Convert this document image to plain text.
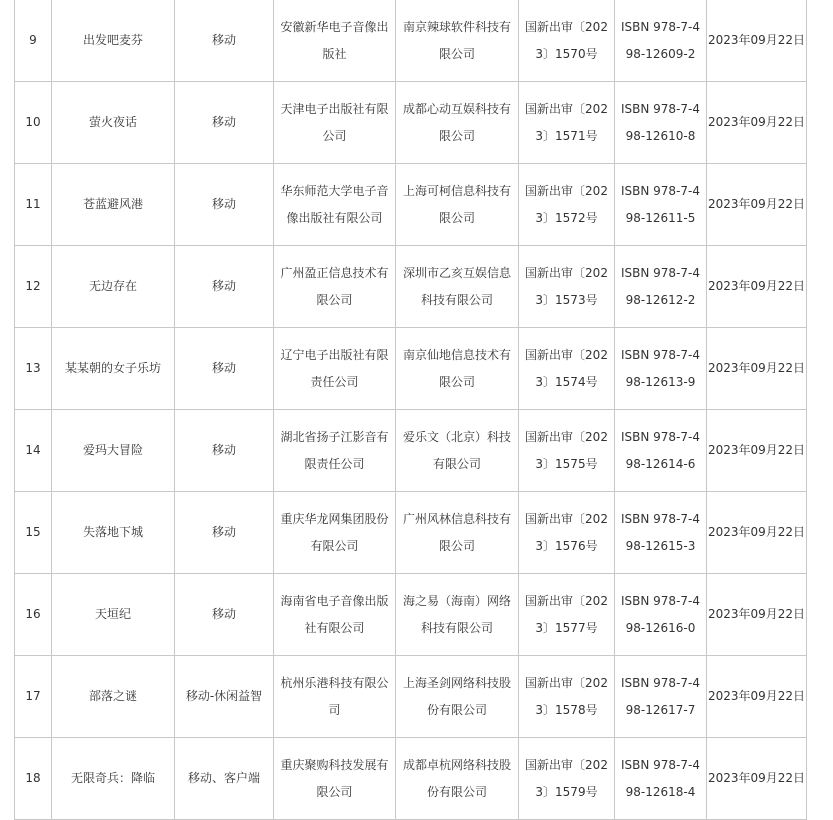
9	出发吧麦芬	移动	安徽新华电子音像出版社	南京辣球软件科技有限公司	国新出审〔2023〕1570号	ISBN 978-7-498-12609-2	2023年09月22日
10	萤火夜话	移动	天津电子出版社有限公司	成都心动互娱科技有限公司	国新出审〔2023〕1571号	ISBN 978-7-498-12610-8	2023年09月22日
11	苍蓝避风港	移动	华东师范大学电子音像出版社有限公司	上海可柯信息科技有限公司	国新出审〔2023〕1572号	ISBN 978-7-498-12611-5	2023年09月22日
12	无边存在	移动	广州盈正信息技术有限公司	深圳市乙亥互娱信息科技有限公司	国新出审〔2023〕1573号	ISBN 978-7-498-12612-2	2023年09月22日
13	某某朝的女子乐坊	移动	辽宁电子出版社有限责任公司	南京仙地信息技术有限公司	国新出审〔2023〕1574号	ISBN 978-7-498-12613-9	2023年09月22日
14	爱玛大冒险	移动	湖北省扬子江影音有限责任公司	爱乐文（北京）科技有限公司	国新出审〔2023〕1575号	ISBN 978-7-498-12614-6	2023年09月22日
15	失落地下城	移动	重庆华龙网集团股份有限公司	广州风林信息科技有限公司	国新出审〔2023〕1576号	ISBN 978-7-498-12615-3	2023年09月22日
16	天垣纪	移动	海南省电子音像出版社有限公司	海之易（海南）网络科技有限公司	国新出审〔2023〕1577号	ISBN 978-7-498-12616-0	2023年09月22日
17	部落之谜	移动-休闲益智	杭州乐港科技有限公司	上海圣剑网络科技股份有限公司	国新出审〔2023〕1578号	ISBN 978-7-498-12617-7	2023年09月22日
18	无限奇兵：降临	移动、客户端	重庆聚购科技发展有限公司	成都卓杭网络科技股份有限公司	国新出审〔2023〕1579号	ISBN 978-7-498-12618-4	2023年09月22日
